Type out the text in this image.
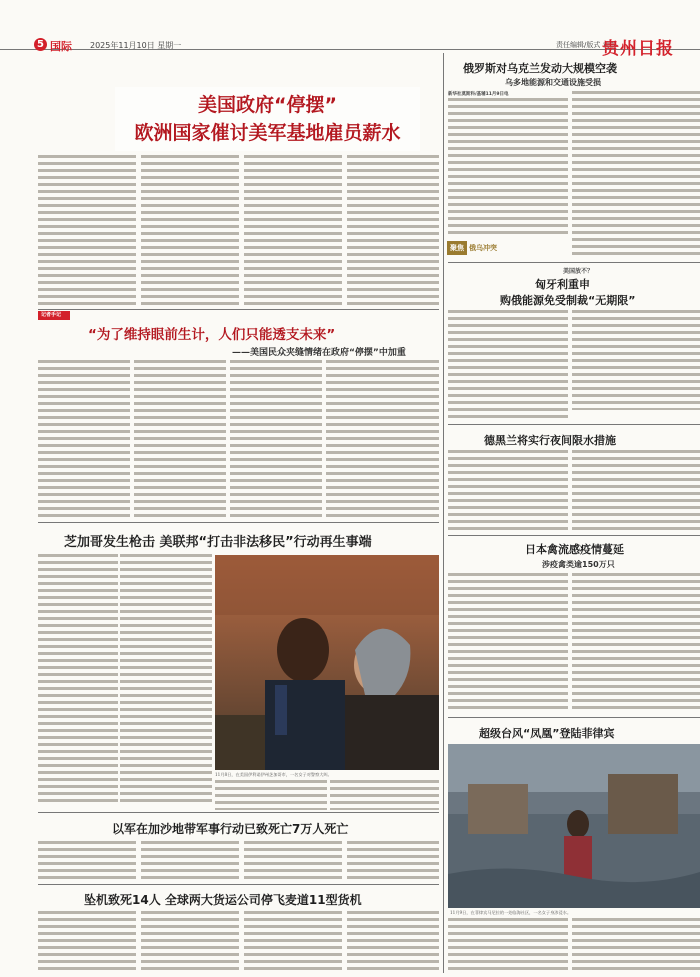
5 国际 2025年11月10日 星期一	责任编辑/版式 黄蔚
贵州日报
美国政府“停摆”
欧洲国家催讨美军基地雇员薪水
记者手记
“为了维持眼前生计，人们只能透支未来”
——美国民众夹缝情绪在政府“停摆”中加重
芝加哥发生枪击 美联邦“打击非法移民”行动再生事端
11月8日，在美国伊利诺伊州芝加哥市，一名女子对警察大叫。
以军在加沙地带军事行动已致死亡7万人死亡
坠机致死14人 全球两大货运公司停飞麦道11型货机
俄罗斯对乌克兰发动大规模空袭
乌多地能源和交通设施受损
新华社莫斯科/基辅11月9日电
聚焦 俄乌冲突
美国放不？
匈牙利重申
购俄能源免受制裁“无期限”
德黑兰将实行夜间限水措施
日本禽流感疫情蔓延
涉疫禽类逾150万只
超级台风“凤凰”登陆菲律宾
11月9日，在菲律宾马尼拉的一处临海社区，一名女子身涉浸水。
